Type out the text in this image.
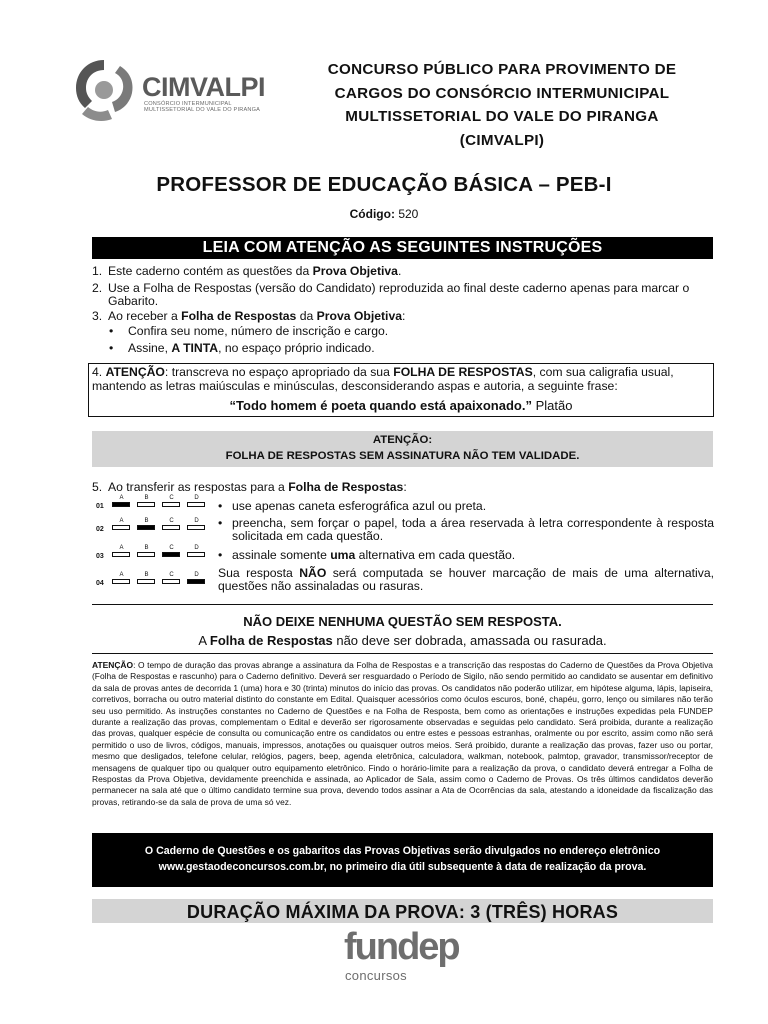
CIMVALPI
CONSÓRCIO INTERMUNICIPAL
MULTISSETORIAL DO VALE DO PIRANGA
CONCURSO PÚBLICO PARA PROVIMENTO DE
CARGOS DO CONSÓRCIO INTERMUNICIPAL
MULTISSETORIAL DO VALE DO PIRANGA
(CIMVALPI)
PROFESSOR DE EDUCAÇÃO BÁSICA – PEB-I
Código: 520
LEIA COM ATENÇÃO AS SEGUINTES INSTRUÇÕES
1. Este caderno contém as questões da Prova Objetiva.
2. Use a Folha de Respostas (versão do Candidato) reproduzida ao final deste caderno apenas para marcar o Gabarito.
3. Ao receber a Folha de Respostas da Prova Objetiva:
• Confira seu nome, número de inscrição e cargo.
• Assine, A TINTA, no espaço próprio indicado.
4. ATENÇÃO: transcreva no espaço apropriado da sua FOLHA DE RESPOSTAS, com sua caligrafia usual, mantendo as letras maiúsculas e minúsculas, desconsiderando aspas e autoria, a seguinte frase:
“Todo homem é poeta quando está apaixonado.” Platão
ATENÇÃO:
FOLHA DE RESPOSTAS SEM ASSINATURA NÃO TEM VALIDADE.
5. Ao transferir as respostas para a Folha de Respostas:
01
A	B	C	D
02
A	B	C	D
03
A	B	C	D
04
A	B	C	D
• use apenas caneta esferográfica azul ou preta.
• preencha, sem forçar o papel, toda a área reservada à letra correspondente à resposta solicitada em cada questão.
• assinale somente uma alternativa em cada questão.
Sua resposta NÃO será computada se houver marcação de mais de uma alternativa, questões não assinaladas ou rasuras.
NÃO DEIXE NENHUMA QUESTÃO SEM RESPOSTA.
A Folha de Respostas não deve ser dobrada, amassada ou rasurada.
ATENÇÃO: O tempo de duração das provas abrange a assinatura da Folha de Respostas e a transcrição das respostas do Caderno de Questões da Prova Objetiva (Folha de Respostas e rascunho) para o Caderno definitivo. Deverá ser resguardado o Período de Sigilo, não sendo permitido ao candidato se ausentar em definitivo da sala de provas antes de decorrida 1 (uma) hora e 30 (trinta) minutos do início das provas. Os candidatos não poderão utilizar, em hipótese alguma, lápis, lapiseira, corretivos, borracha ou outro material distinto do constante em Edital. Quaisquer acessórios como óculos escuros, boné, chapéu, gorro, lenço ou similares não terão seu uso permitido. As instruções constantes no Caderno de Questões e na Folha de Resposta, bem como as orientações e instruções expedidas pela FUNDEP durante a realização das provas, complementam o Edital e deverão ser rigorosamente observadas e seguidas pelo candidato. Será proibida, durante a realização das provas, qualquer espécie de consulta ou comunicação entre os candidatos ou entre estes e pessoas estranhas, oralmente ou por escrito, assim como não será permitido o uso de livros, códigos, manuais, impressos, anotações ou quaisquer outros meios. Será proibido, durante a realização das provas, fazer uso ou portar, mesmo que desligados, telefone celular, relógios, pagers, beep, agenda eletrônica, calculadora, walkman, notebook, palmtop, gravador, transmissor/receptor de mensagens de qualquer tipo ou qualquer outro equipamento eletrônico. Findo o horário-limite para a realização da prova, o candidato deverá entregar a Folha de Respostas da Prova Objetiva, devidamente preenchida e assinada, ao Aplicador de Sala, assim como o Caderno de Provas. Os três últimos candidatos deverão permanecer na sala até que o último candidato termine sua prova, devendo todos assinar a Ata de Ocorrências da sala, atestando a idoneidade da fiscalização das provas, retirando-se da sala de prova de uma só vez.
O Caderno de Questões e os gabaritos das Provas Objetivas serão divulgados no endereço eletrônico
www.gestaodeconcursos.com.br, no primeiro dia útil subsequente à data de realização da prova.
DURAÇÃO MÁXIMA DA PROVA: 3 (TRÊS) HORAS
fundep
concursos
